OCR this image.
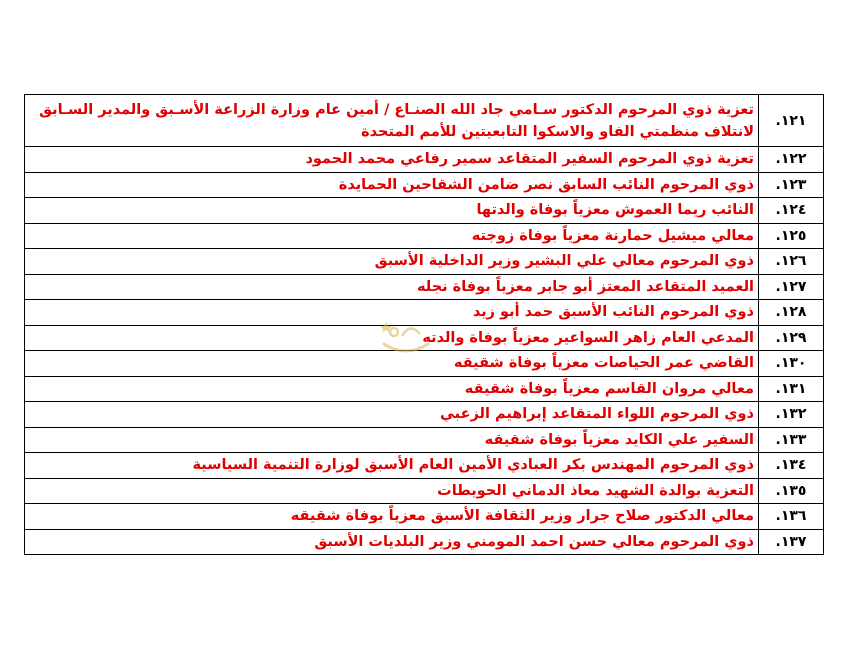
١٢١.	تعزية ذوي المرحوم الدكتور سـامي جاد الله الصنـاع / أمين عام وزارة الزراعة الأسـبق والمدير السـابق لانتلاف منظمتي الفاو والاسكوا التابعيتين للأمم المتحدة
١٢٢.	تعزية ذوي المرحوم السفير المتقاعد سمير رفاعي محمد الحمود
١٢٣.	ذوي المرحوم النائب السابق نصر ضامن الشقاحين الحمايدة
١٢٤.	النائب ريما العموش معزياً بوفاة والدتها
١٢٥.	معالي ميشيل حمارنة معزياً بوفاة زوجته
١٢٦.	ذوي المرحوم معالي علي البشير وزير الداخلية الأسبق
١٢٧.	العميد المتقاعد المعتز أبو جابر معزياً بوفاة نجله
١٢٨.	ذوي المرحوم النائب الأسبق حمد أبو زيد
١٢٩.	المدعي العام زاهر السواعير معزياً بوفاة والدته
١٣٠.	القاضي عمر الحياصات معزياً بوفاة شقيقه
١٣١.	معالي مروان القاسم معزياً بوفاة شقيقه
١٣٢.	ذوي المرحوم اللواء المتقاعد إبراهيم الزعبي
١٣٣.	السفير علي الكايد معزياً بوفاة شقيقه
١٣٤.	ذوي المرحوم المهندس بكر العبادي الأمين العام الأسبق لوزارة التنمية السياسية
١٣٥.	التعزية بوالدة الشهيد معاذ الدماني الحويطات
١٣٦.	معالي الدكتور صلاح جرار وزير الثقافة الأسبق معزياً بوفاة شقيقه
١٣٧.	ذوي المرحوم معالي حسن احمد المومني وزير البلديات الأسبق
